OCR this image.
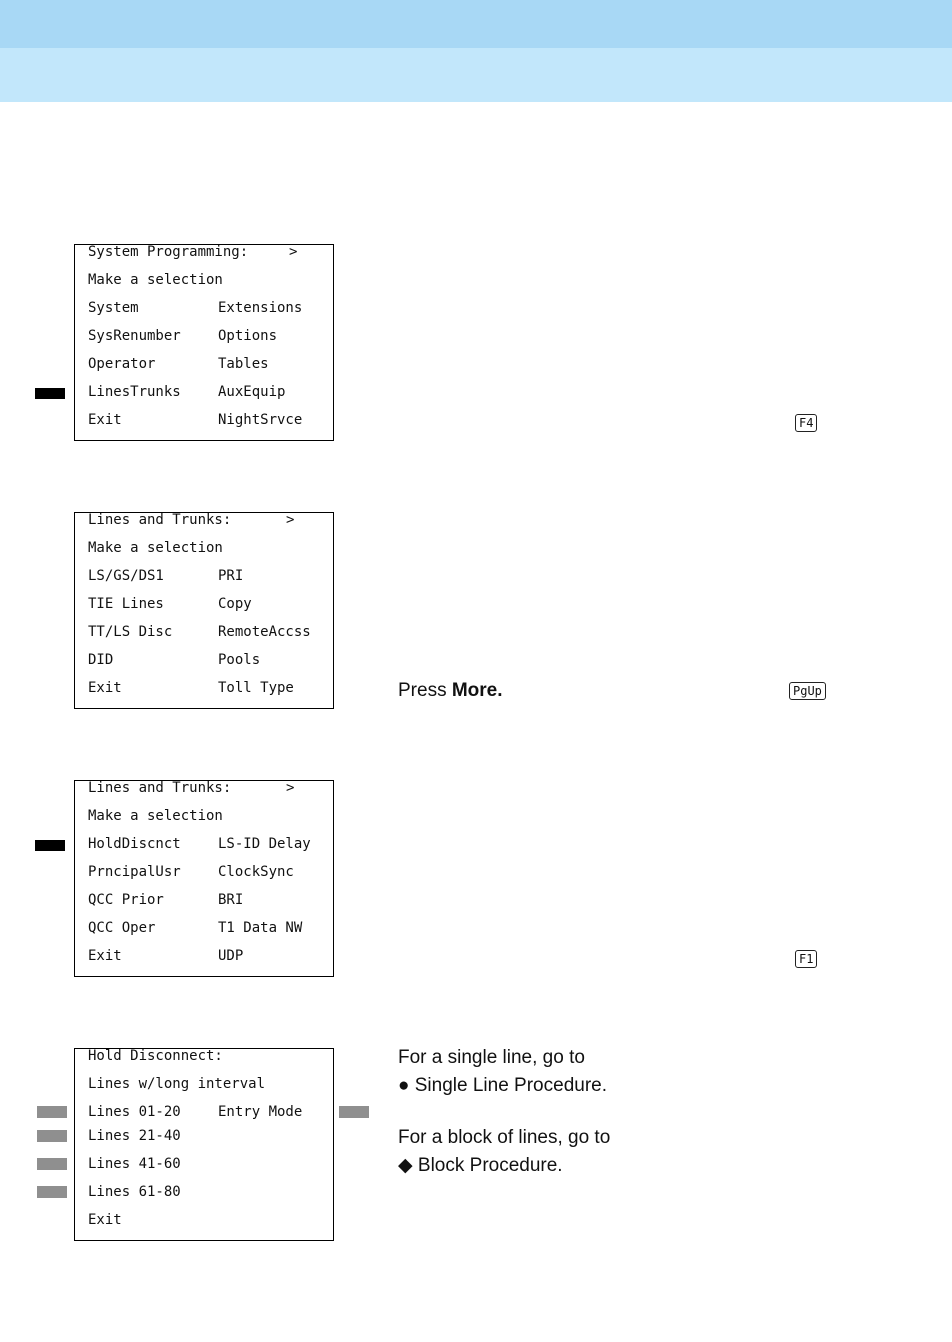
System Programming:	>
Make a selection
System	Extensions
SysRenumber	Options
Operator	Tables
LinesTrunks	AuxEquip
Exit	NightSrvce	F4
Lines and Trunks:	>
Make a selection
LS/GS/DS1	PRI
TIE Lines	Copy
TT/LS Disc	RemoteAccss
DID	Pools
Exit	Toll Type	Press More.	PgUp
Lines and Trunks:	>
Make a selection
HoldDiscnct	LS-ID Delay
PrncipalUsr	ClockSync
QCC Prior	BRI
QCC Oper	T1 Data NW
Exit	UDP	F1
Hold Disconnect:
Lines w/long interval
Lines 01-20	Entry Mode
Lines 21-40
Lines 41-60
Lines 61-80
Exit
For a single line, go to
● Single Line Procedure.
For a block of lines, go to
◆ Block Procedure.
